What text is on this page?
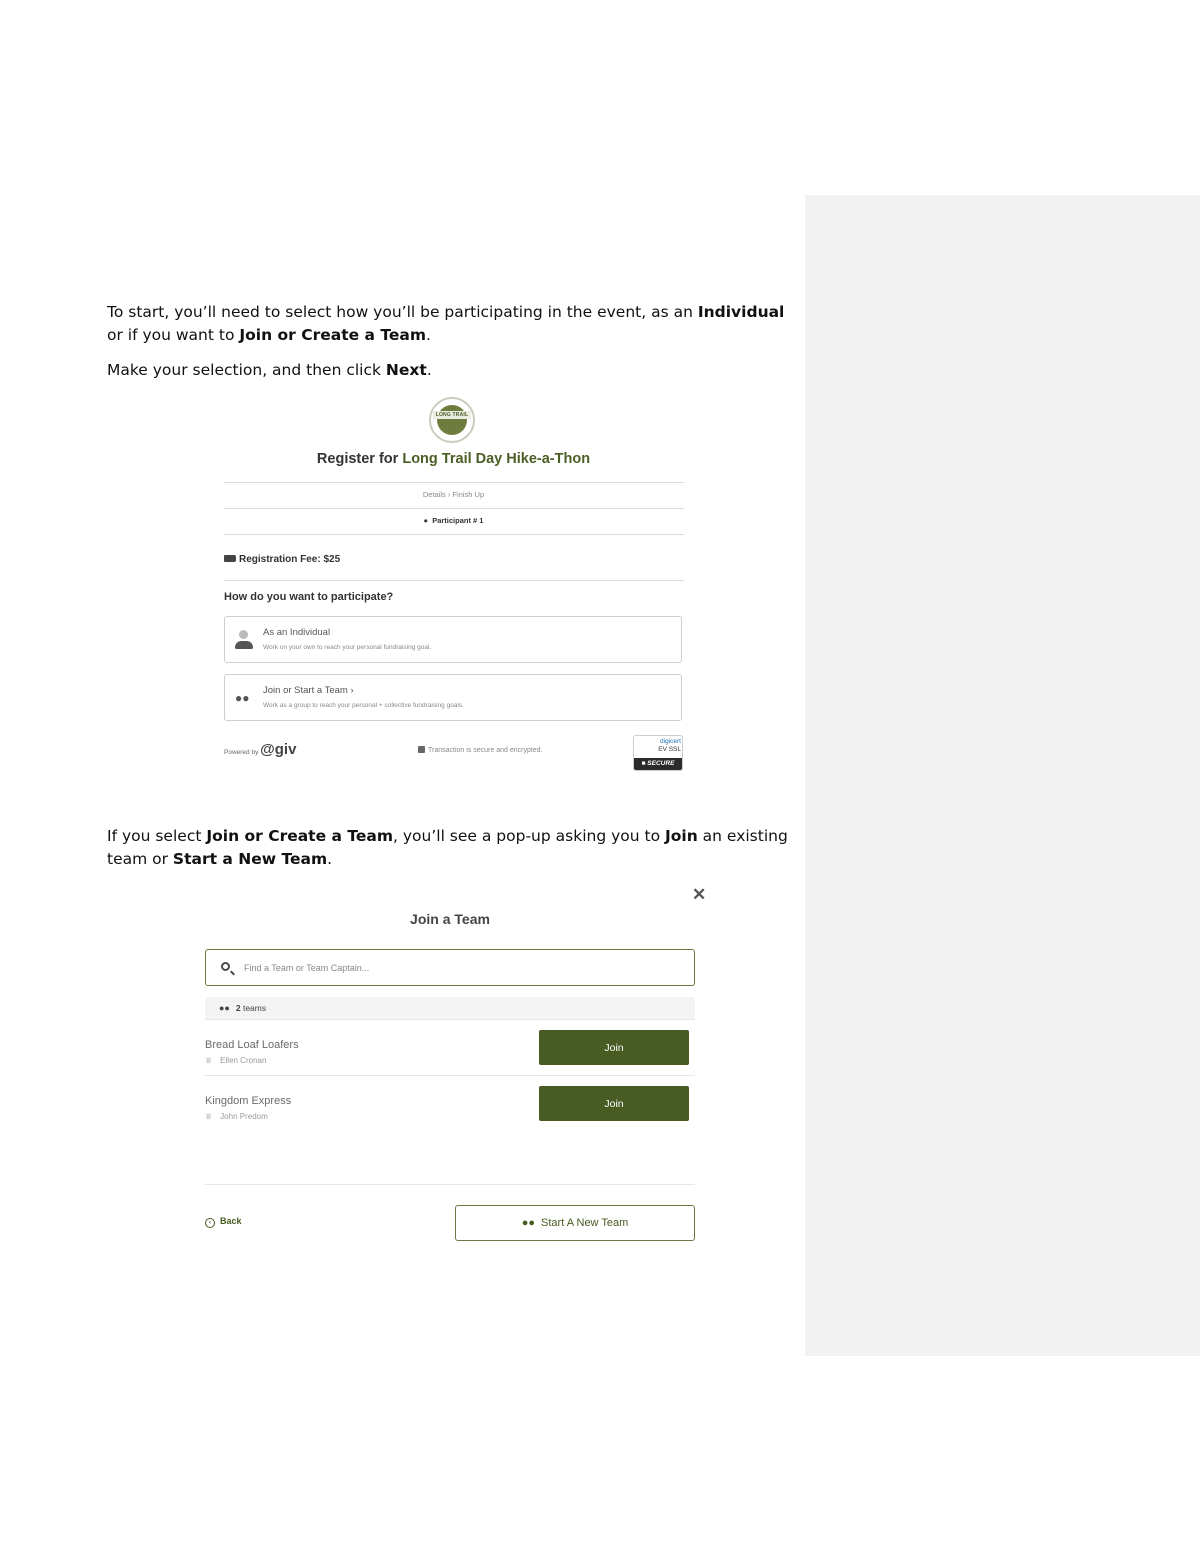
To start, you’ll need to select how you’ll be participating in the event, as an Individual or if you want to Join or Create a Team.
Make your selection, and then click Next.
LONG TRAIL
Register for Long Trail Day Hike-a-Thon
Details › Finish Up
● Participant # 1
Registration Fee: $25
How do you want to participate?
As an Individual
Work on your own to reach your personal fundraising goal.
●●
Join or Start a Team ›
Work as a group to reach your personal + collective fundraising goals.
Powered by @giv	Transaction is secure and encrypted.
digicert
EV SSL
■ SECURE
If you select Join or Create a Team, you’ll see a pop-up asking you to Join an existing team or Start a New Team.
✕
Join a Team
Find a Team or Team Captain...
●● 2 teams
Bread Loaf Loafers
♕ Ellen Cronan
Join
Kingdom Express
♕ John Predom
Join
‹ Back	●● Start A New Team
